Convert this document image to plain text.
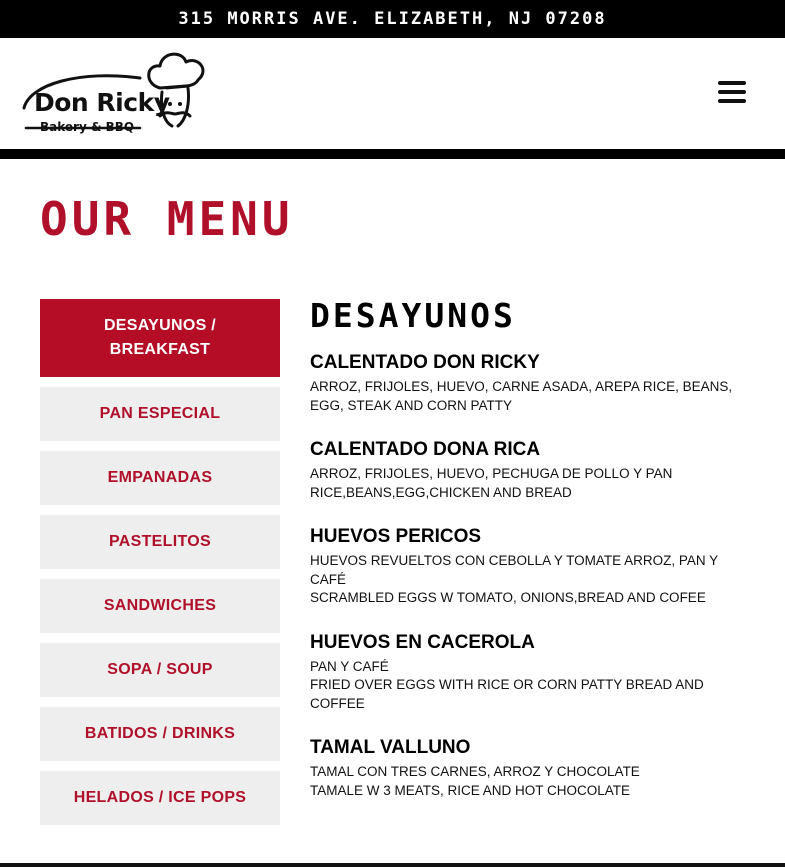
315 MORRIS AVE. ELIZABETH, NJ 07208
Don Ricky
Bakery & BBQ
OUR MENU
DESAYUNOS / BREAKFAST
PAN ESPECIAL
EMPANADAS
PASTELITOS
SANDWICHES
SOPA / SOUP
BATIDOS / DRINKS
HELADOS / ICE POPS
DESAYUNOS
CALENTADO DON RICKY
ARROZ, FRIJOLES, HUEVO, CARNE ASADA, AREPA RICE, BEANS, EGG, STEAK AND CORN PATTY
CALENTADO DONA RICA
ARROZ, FRIJOLES, HUEVO, PECHUGA DE POLLO Y PAN RICE,BEANS,EGG,CHICKEN AND BREAD
HUEVOS PERICOS
HUEVOS REVUELTOS CON CEBOLLA Y TOMATE ARROZ, PAN Y CAFÉ
SCRAMBLED EGGS W TOMATO, ONIONS,BREAD AND COFEE
HUEVOS EN CACEROLA
PAN Y CAFÉ
FRIED OVER EGGS WITH RICE OR CORN PATTY BREAD AND COFFEE
TAMAL VALLUNO
TAMAL CON TRES CARNES, ARROZ Y CHOCOLATE
TAMALE W 3 MEATS, RICE AND HOT CHOCOLATE
